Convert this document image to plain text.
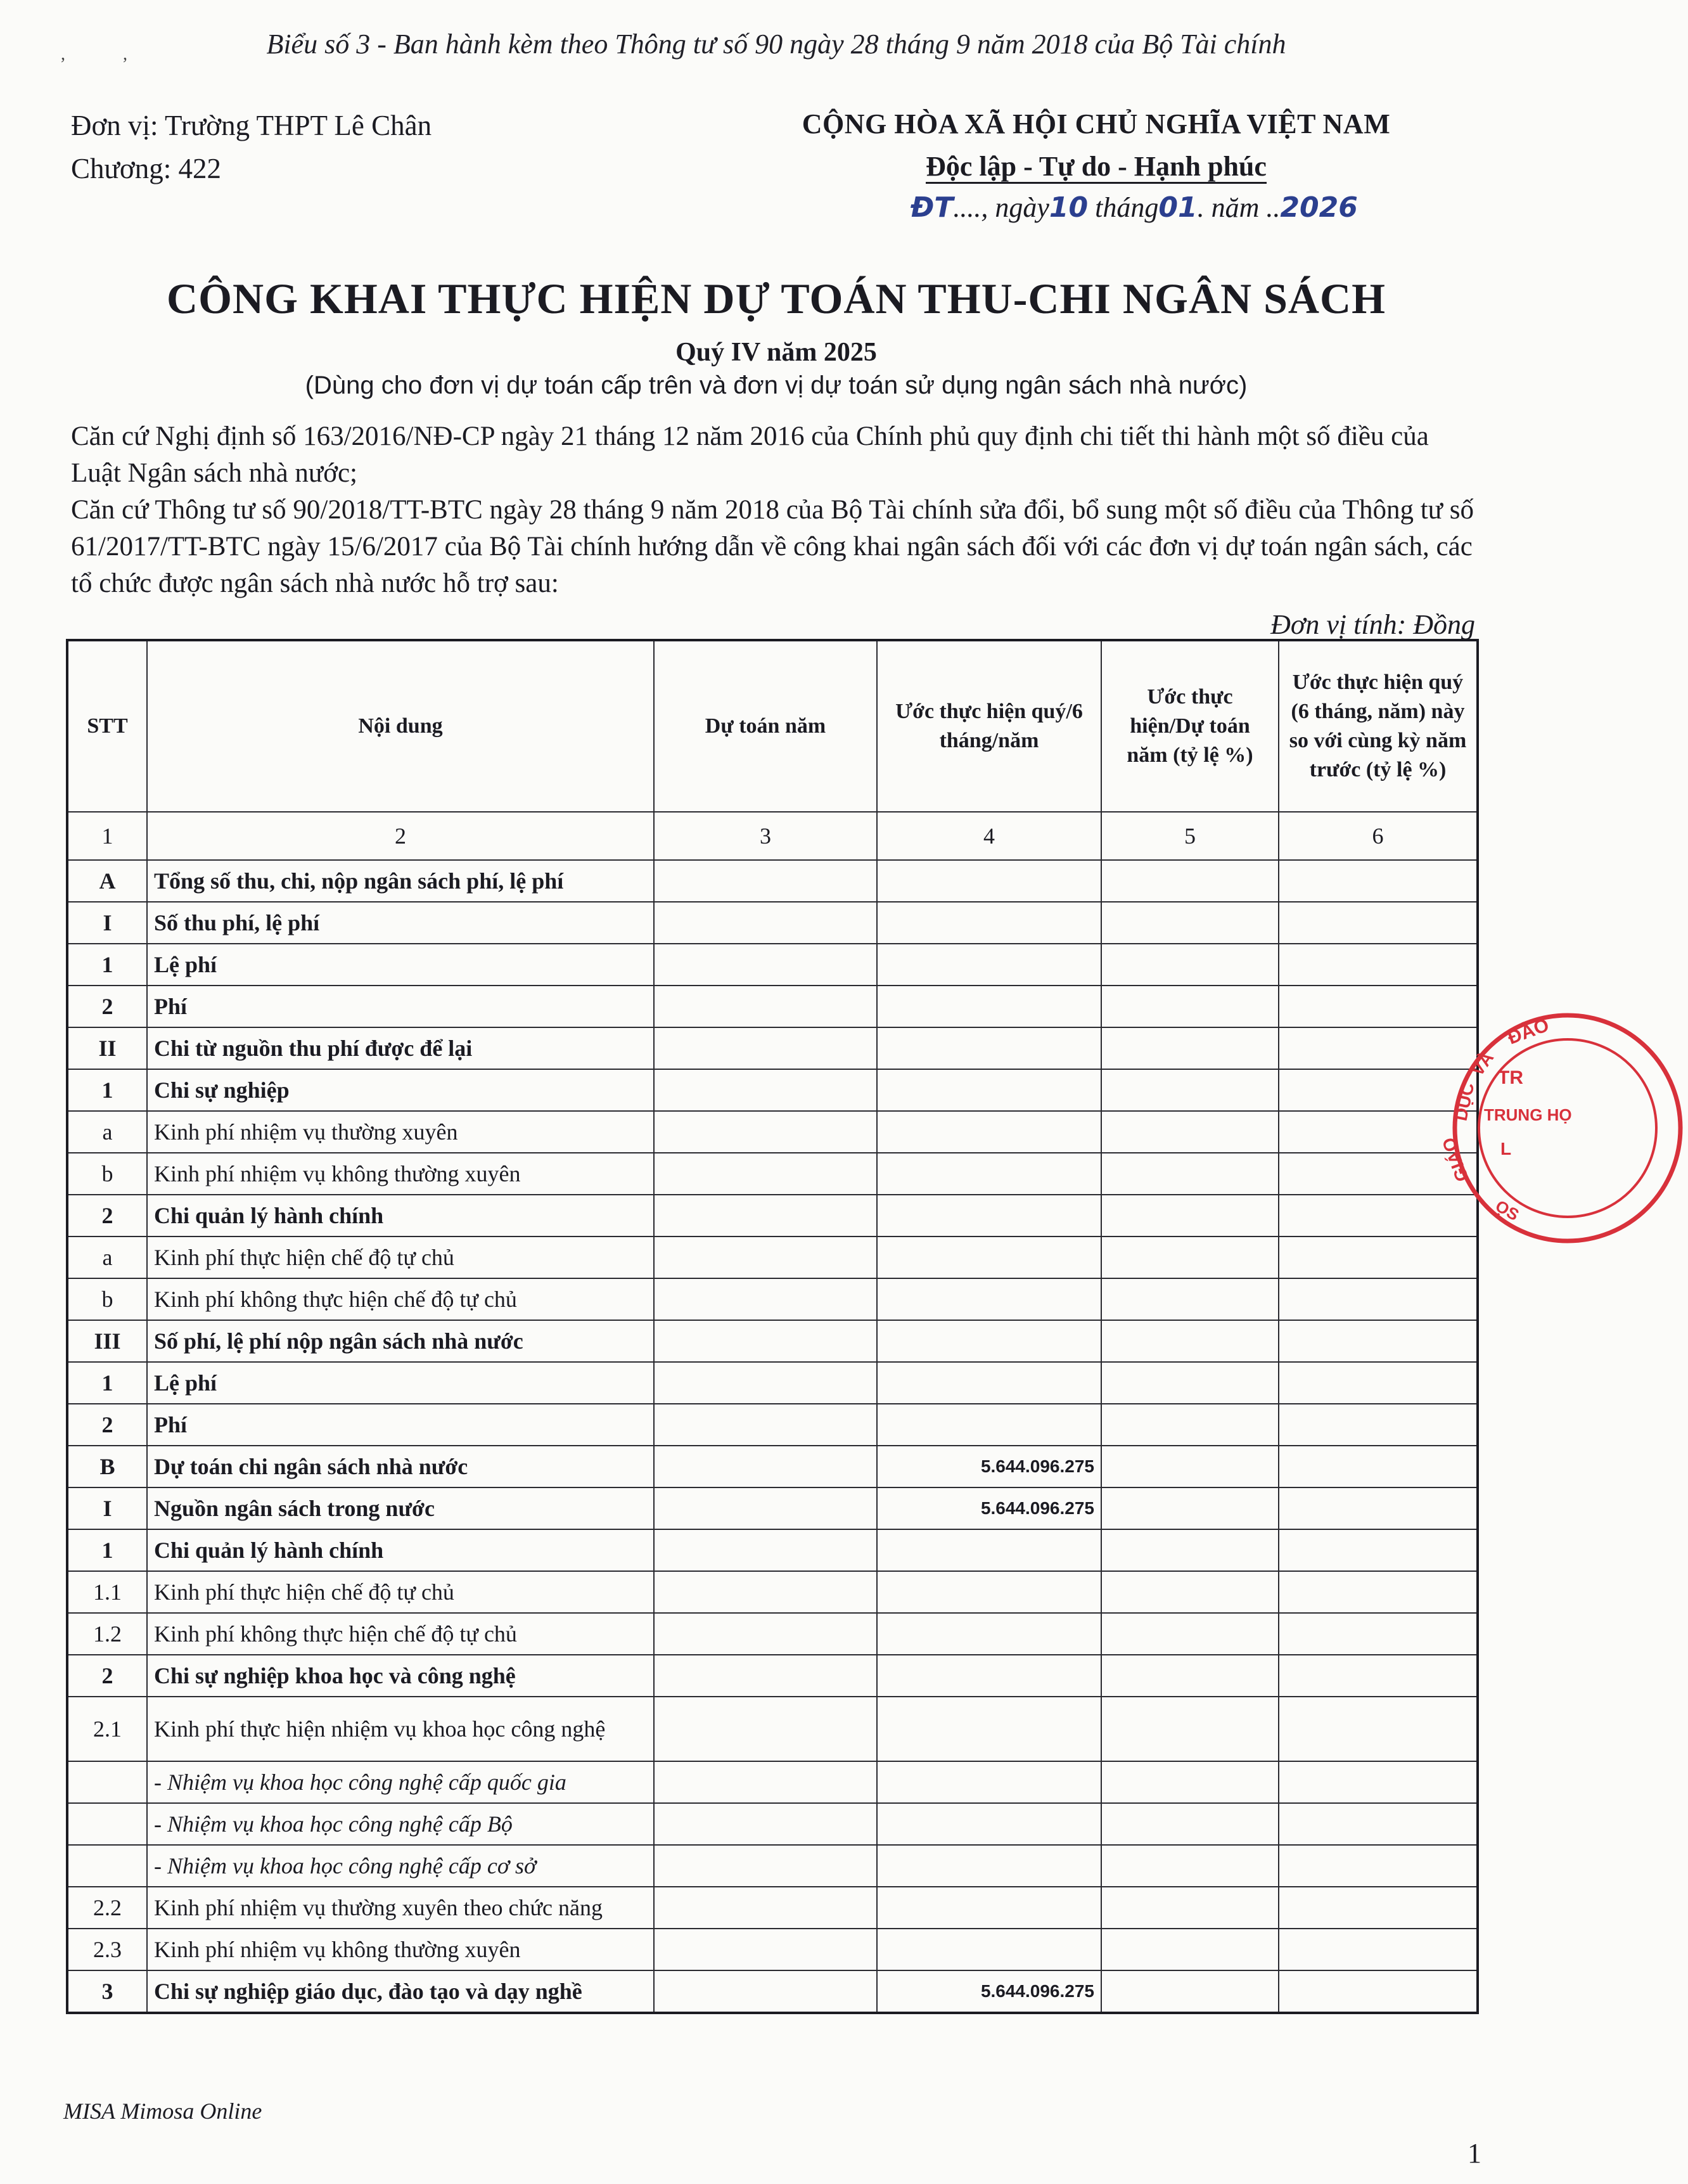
,             ,	Biểu số 3 - Ban hành kèm theo Thông tư số 90 ngày 28 tháng 9 năm 2018 của Bộ Tài chính
Đơn vị: Trường THPT Lê Chân
Chương: 422
CỘNG HÒA XÃ HỘI CHỦ NGHĨA VIỆT NAM
Độc lập - Tự do - Hạnh phúc
ĐT...., ngày10 tháng01. năm ..2026
CÔNG KHAI THỰC HIỆN DỰ TOÁN THU-CHI NGÂN SÁCH
Quý IV năm 2025
(Dùng cho đơn vị dự toán cấp trên và đơn vị dự toán sử dụng ngân sách nhà nước)

Căn cứ Nghị định số 163/2016/NĐ-CP ngày 21 tháng 12 năm 2016 của Chính phủ quy định chi tiết thi hành một số điều của Luật Ngân sách nhà nước;

Căn cứ Thông tư số 90/2018/TT-BTC ngày 28 tháng 9 năm 2018 của Bộ Tài chính sửa đổi, bổ sung một số điều của Thông tư số 61/2017/TT-BTC ngày 15/6/2017 của Bộ Tài chính hướng dẫn về công khai ngân sách đối với các đơn vị dự toán ngân sách, các tổ chức được ngân sách nhà nước hỗ trợ sau:

Đơn vị tính: Đồng
STT	Nội dung	Dự toán năm	Ước thực hiện quý/6 tháng/năm	Ước thực hiện/Dự toán năm (tỷ lệ %)	Ước thực hiện quý (6 tháng, năm) này so với cùng kỳ năm trước (tỷ lệ %)
1	2	3	4	5	6
A	Tổng số thu, chi, nộp ngân sách phí, lệ phí				
I	Số thu phí, lệ phí				
1	Lệ phí				
2	Phí				
II	Chi từ nguồn thu phí được để lại				
1	Chi sự nghiệp				
a	Kinh phí nhiệm vụ thường xuyên				
b	Kinh phí nhiệm vụ không thường xuyên				
2	Chi quản lý hành chính				
a	Kinh phí thực hiện chế độ tự chủ				
b	Kinh phí không thực hiện chế độ tự chủ				
III	Số phí, lệ phí nộp ngân sách nhà nước				
1	Lệ phí				
2	Phí				
B	Dự toán chi ngân sách nhà nước		5.644.096.275		
I	Nguồn ngân sách trong nước		5.644.096.275		
1	Chi quản lý hành chính				
1.1	Kinh phí thực hiện chế độ tự chủ				
1.2	Kinh phí không thực hiện chế độ tự chủ				
2	Chi sự nghiệp khoa học và công nghệ				
2.1	Kinh phí thực hiện nhiệm vụ khoa học công nghệ				
	- Nhiệm vụ khoa học công nghệ cấp quốc gia				
	- Nhiệm vụ khoa học công nghệ cấp Bộ				
	- Nhiệm vụ khoa học công nghệ cấp cơ sở				
2.2	Kinh phí nhiệm vụ thường xuyên theo chức năng				
2.3	Kinh phí nhiệm vụ không thường xuyên				
3	Chi sự nghiệp giáo dục, đào tạo và dạy nghề		5.644.096.275		
ĐÀO
VÀ
DỤC
GIÁO
TR
TRUNG HỌ
L
ỌS
MISA Mimosa Online
1
